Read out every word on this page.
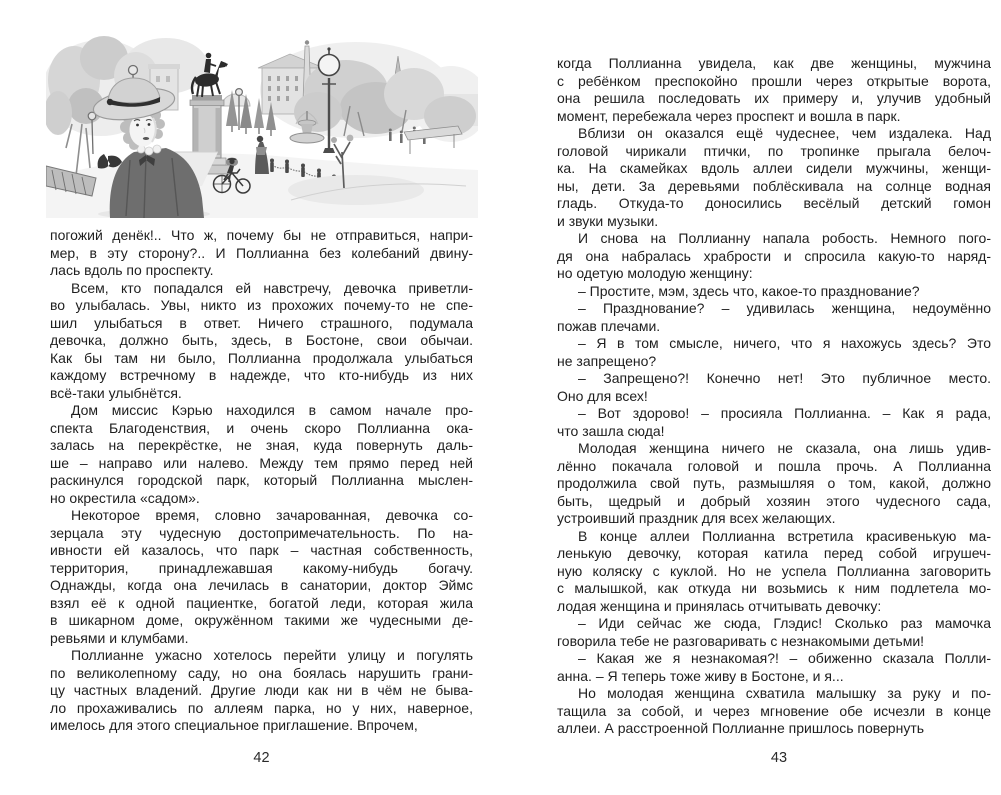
погожий денёк!.. Что ж, почему бы не отправиться, напри-
мер, в эту сторону?.. И Поллианна без колебаний двину-
лась вдоль по проспекту.
Всем, кто попадался ей навстречу, девочка приветли-
во улыбалась. Увы, никто из прохожих почему-то не спе-
шил улыбаться в ответ. Ничего страшного, подумала
девочка, должно быть, здесь, в Бостоне, свои обычаи.
Как бы там ни было, Поллианна продолжала улыбаться
каждому встречному в надежде, что кто-нибудь из них
всё-таки улыбнётся.
Дом миссис Кэрью находился в самом начале про-
спекта Благоденствия, и очень скоро Поллианна ока-
залась на перекрёстке, не зная, куда повернуть даль-
ше – направо или налево. Между тем прямо перед ней
раскинулся городской парк, который Поллианна мыслен-
но окрестила «садом».
Некоторое время, словно зачарованная, девочка со-
зерцала эту чудесную достопримечательность. По на-
ивности ей казалось, что парк – частная собственность,
территория, принадлежавшая какому-нибудь богачу.
Однажды, когда она лечилась в санатории, доктор Эймс
взял её к одной пациентке, богатой леди, которая жила
в шикарном доме, окружённом такими же чудесными де-
ревьями и клумбами.
Поллианне ужасно хотелось перейти улицу и погулять
по великолепному саду, но она боялась нарушить грани-
цу частных владений. Другие люди как ни в чём не быва-
ло прохаживались по аллеям парка, но у них, наверное,
имелось для этого специальное приглашение. Впрочем,
42
когда Поллианна увидела, как две женщины, мужчина
с ребёнком преспокойно прошли через открытые ворота,
она решила последовать их примеру и, улучив удобный
момент, перебежала через проспект и вошла в парк.
Вблизи он оказался ещё чудеснее, чем издалека. Над
головой чирикали птички, по тропинке прыгала белоч-
ка. На скамейках вдоль аллеи сидели мужчины, женщи-
ны, дети. За деревьями поблёскивала на солнце водная
гладь. Откуда-то доносились весёлый детский гомон
и звуки музыки.
И снова на Поллианну напала робость. Немного пого-
дя она набралась храбрости и спросила какую-то наряд-
но одетую молодую женщину:
– Простите, мэм, здесь что, какое-то празднование?
– Празднование? – удивилась женщина, недоумённо
пожав плечами.
– Я в том смысле, ничего, что я нахожусь здесь? Это
не запрещено?
– Запрещено?! Конечно нет! Это публичное место.
Оно для всех!
– Вот здорово! – просияла Поллианна. – Как я рада,
что зашла сюда!
Молодая женщина ничего не сказала, она лишь удив-
лённо покачала головой и пошла прочь. А Поллианна
продолжила свой путь, размышляя о том, какой, должно
быть, щедрый и добрый хозяин этого чудесного сада,
устроивший праздник для всех желающих.
В конце аллеи Поллианна встретила красивенькую ма-
ленькую девочку, которая катила перед собой игрушеч-
ную коляску с куклой. Но не успела Поллианна заговорить
с малышкой, как откуда ни возьмись к ним подлетела мо-
лодая женщина и принялась отчитывать девочку:
– Иди сейчас же сюда, Глэдис! Сколько раз мамочка
говорила тебе не разговаривать с незнакомыми детьми!
– Какая же я незнакомая?! – обиженно сказала Полли-
анна. – Я теперь тоже живу в Бостоне, и я...
Но молодая женщина схватила малышку за руку и по-
тащила за собой, и через мгновение обе исчезли в конце
аллеи. А расстроенной Поллианне пришлось повернуть
43
